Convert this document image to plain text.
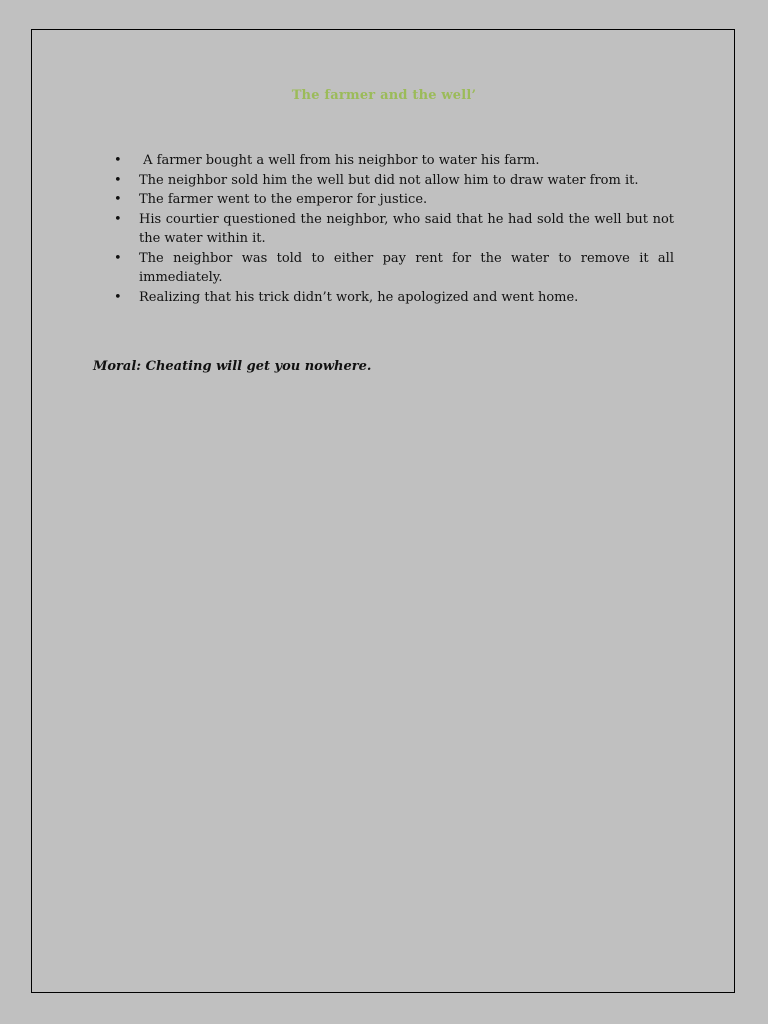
The farmer and the well’
• A farmer bought a well from his neighbor to water his farm.
• The neighbor sold him the well but did not allow him to draw water from it.
• The farmer went to the emperor for justice.
• His courtier questioned the neighbor, who said that he had sold the well but not the water within it.
• The neighbor was told to either pay rent for the water to remove it all immediately.
• Realizing that his trick didn’t work, he apologized and went home.
Moral: Cheating will get you nowhere.
